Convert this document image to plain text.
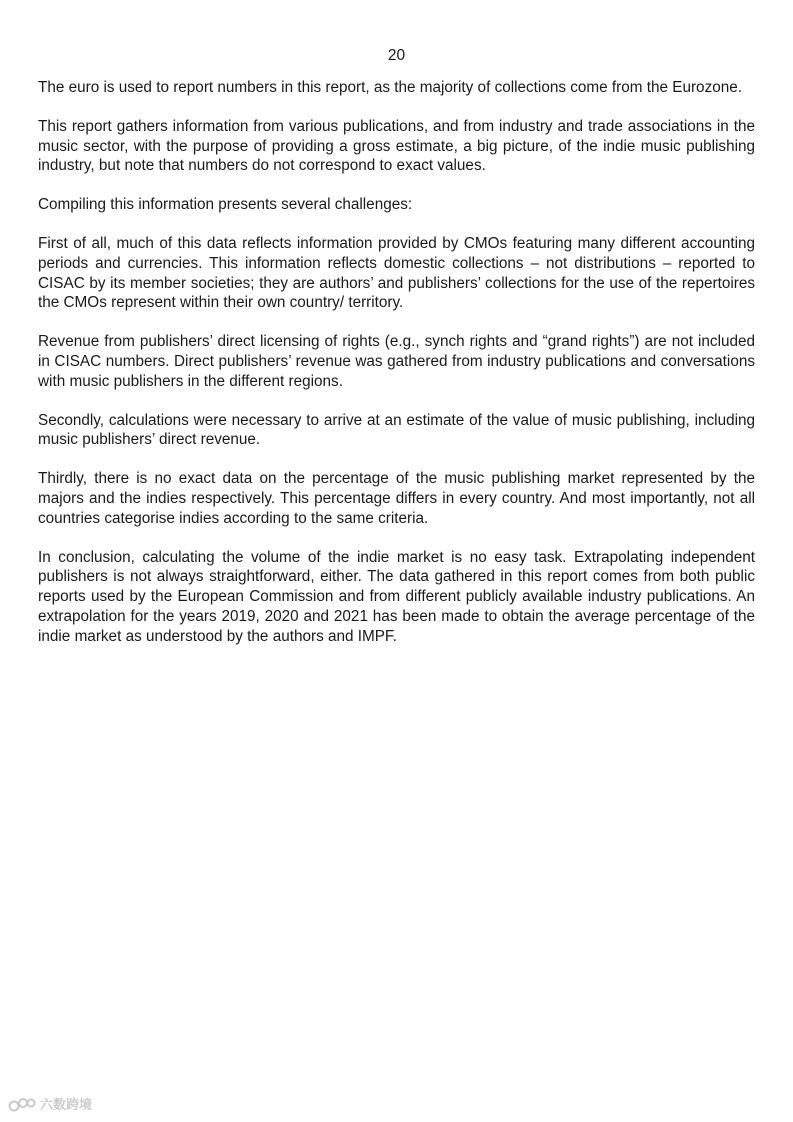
20

The euro is used to report numbers in this report, as the majority of collections come from the Eurozone.

This report gathers information from various publications, and from industry and trade associations in the music sector, with the purpose of providing a gross estimate, a big picture, of the indie music publishing industry, but note that numbers do not correspond to exact values.

Compiling this information presents several challenges:

First of all, much of this data reflects information provided by CMOs featuring many different accounting periods and currencies. This information reflects domestic collections – not distributions – reported to CISAC by its member societies; they are authors’ and publishers’ collections for the use of the repertoires the CMOs represent within their own country/ territory.

Revenue from publishers’ direct licensing of rights (e.g., synch rights and “grand rights”) are not included in CISAC numbers. Direct publishers’ revenue was gathered from industry publications and conversations with music publishers in the different regions.

Secondly, calculations were necessary to arrive at an estimate of the value of music publishing, including music publishers’ direct revenue.

Thirdly, there is no exact data on the percentage of the music publishing market represented by the majors and the indies respectively. This percentage differs in every country. And most importantly, not all countries categorise indies according to the same criteria.

In conclusion, calculating the volume of the indie market is no easy task. Extrapolating independent publishers is not always straightforward, either. The data gathered in this report comes from both public reports used by the European Commission and from different publicly available industry publications. An extrapolation for the years 2019, 2020 and 2021 has been made to obtain the average percentage of the indie market as understood by the authors and IMPF.

六数跨境
